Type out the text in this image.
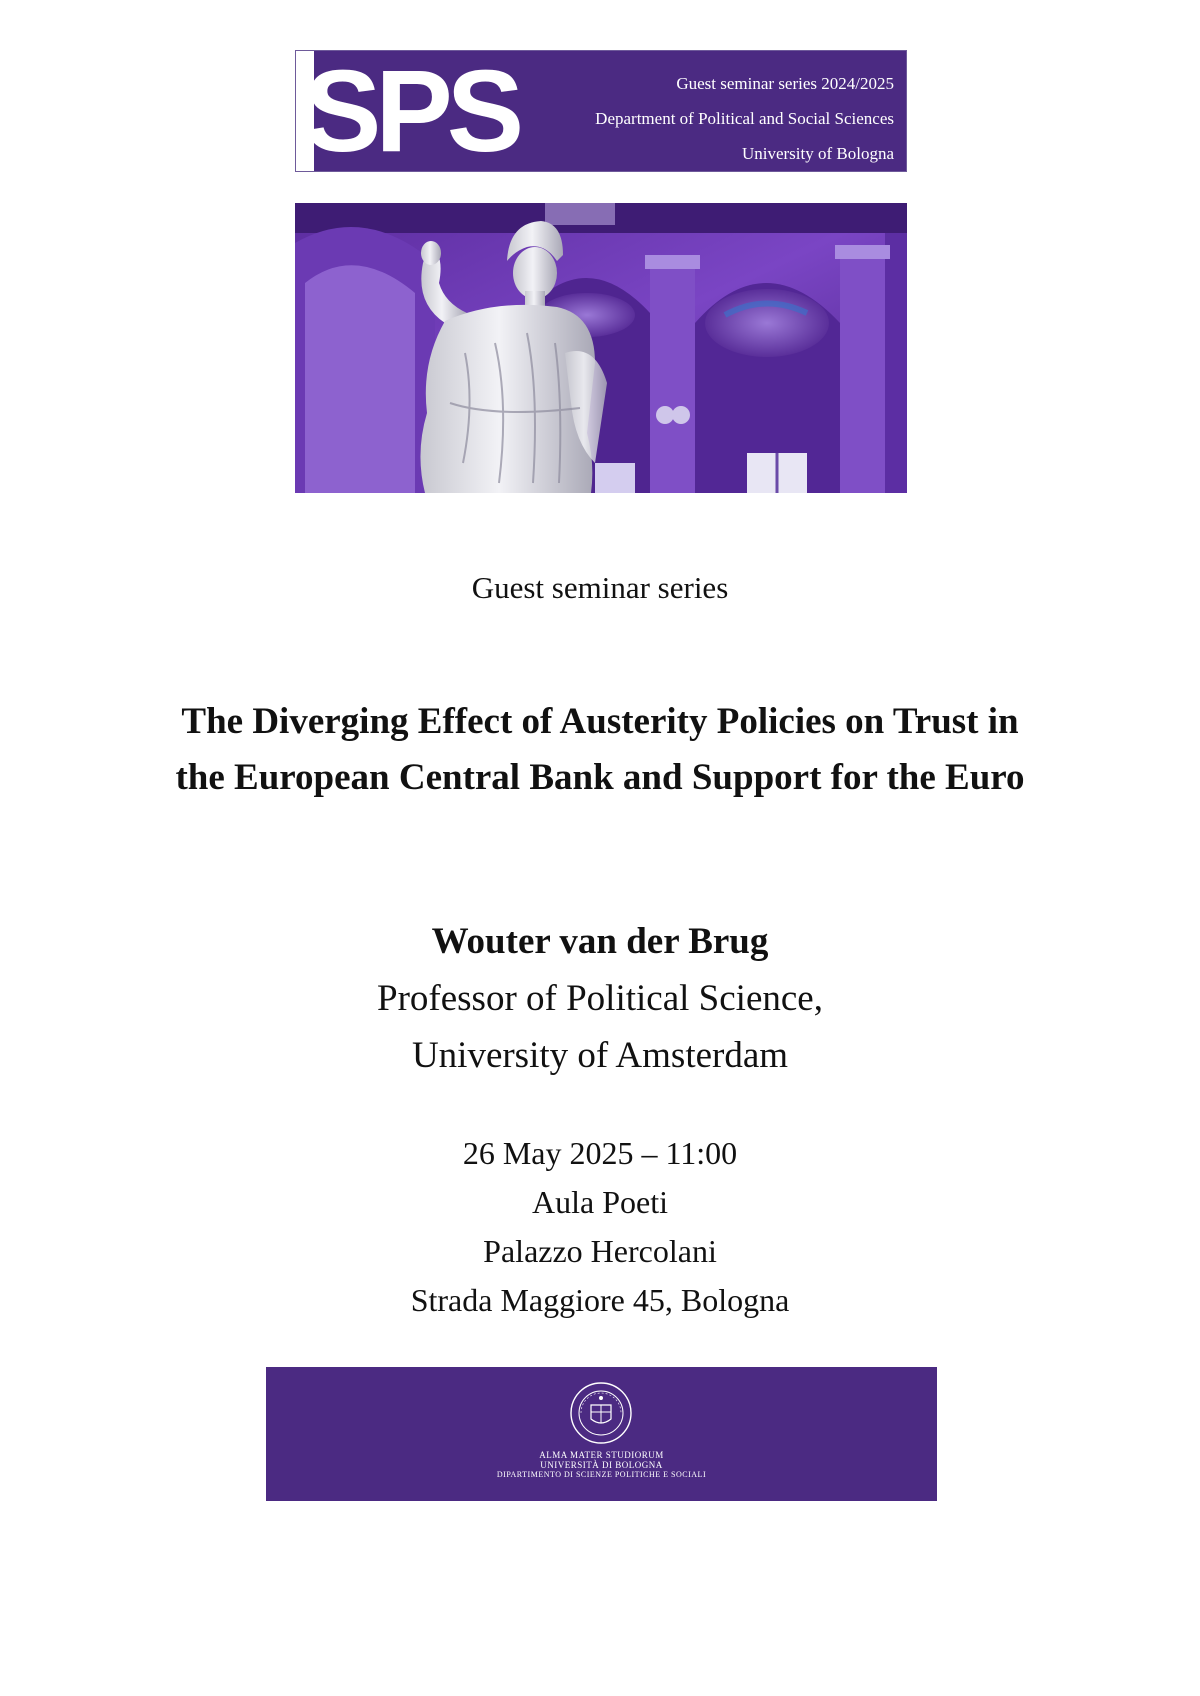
SPS	Guest seminar series 2024/2025
Department of Political and Social Sciences
University of Bologna
Guest seminar series
The Diverging Effect of Austerity Policies on Trust in
the European Central Bank and Support for the Euro
Wouter van der Brug
Professor of Political Science,
University of Amsterdam
26 May 2025 – 11:00
Aula Poeti
Palazzo Hercolani
Strada Maggiore 45, Bologna
ALMA MATER STUDIORUM
UNIVERSITÀ DI BOLOGNA
DIPARTIMENTO DI SCIENZE POLITICHE E SOCIALI
